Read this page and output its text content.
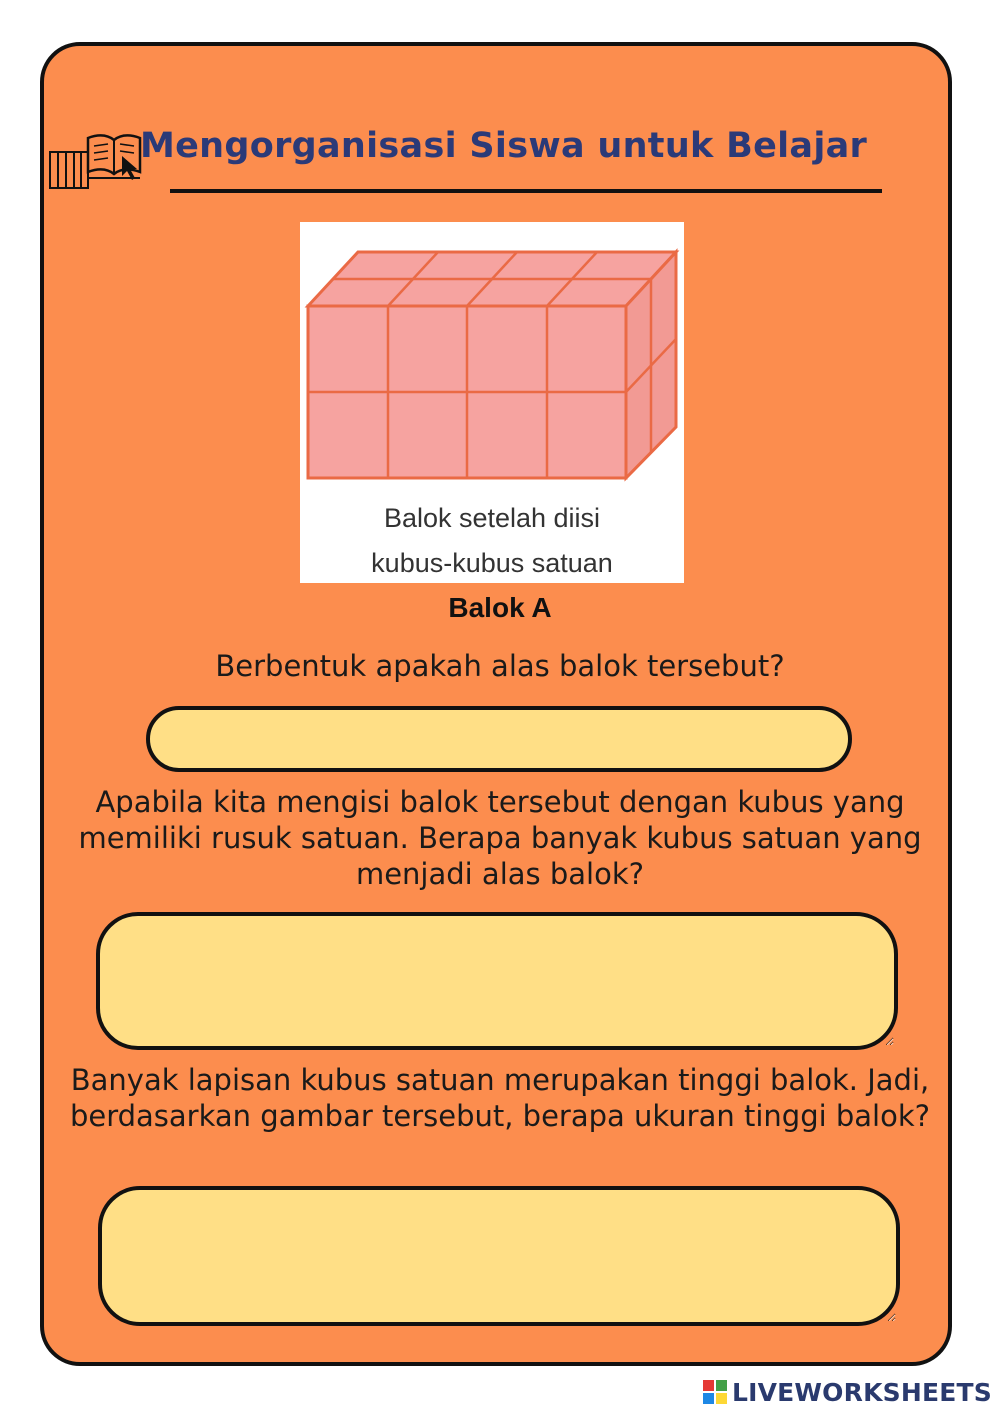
Mengorganisasi Siswa untuk Belajar
Balok setelah diisi
kubus-kubus satuan
Balok A
Berbentuk apakah alas balok tersebut?
Apabila kita mengisi balok tersebut dengan kubus yang memiliki rusuk satuan. Berapa banyak kubus satuan yang menjadi alas balok?
Banyak lapisan kubus satuan merupakan tinggi balok. Jadi, berdasarkan gambar tersebut, berapa ukuran tinggi balok?
LIVEWORKSHEETS
